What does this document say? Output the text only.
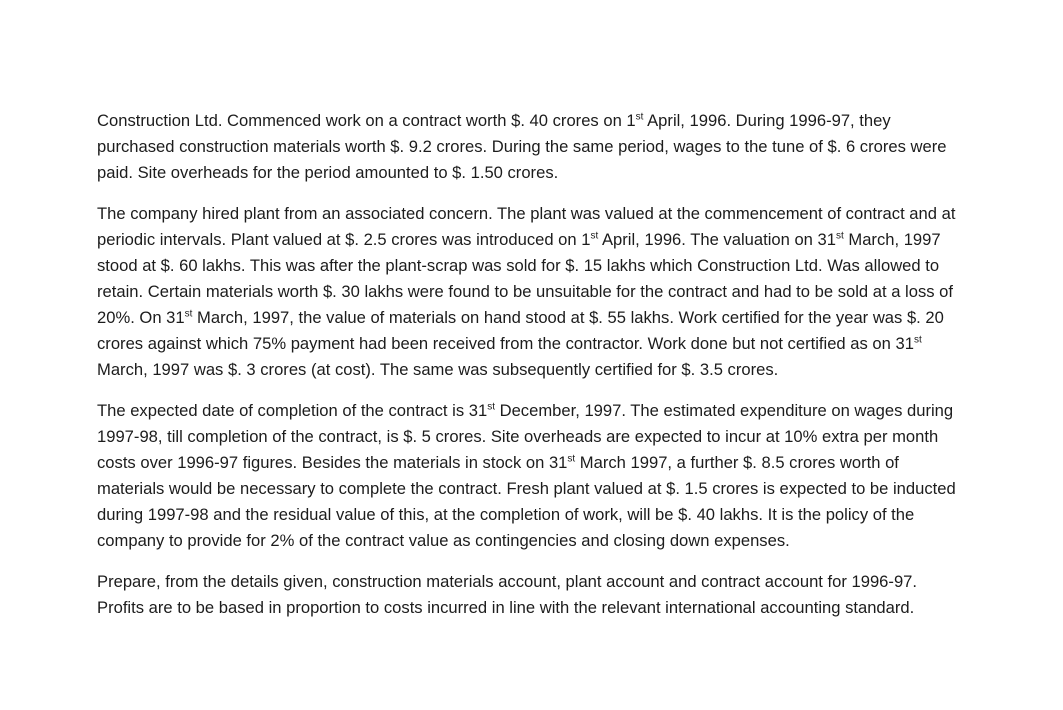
Construction Ltd. Commenced work on a contract worth $. 40 crores on 1st April, 1996. During 1996-97, they purchased construction materials worth $. 9.2 crores. During the same period, wages to the tune of $. 6 crores were paid. Site overheads for the period amounted to $. 1.50 crores.

The company hired plant from an associated concern. The plant was valued at the commencement of contract and at periodic intervals. Plant valued at $. 2.5 crores was introduced on 1st April, 1996. The valuation on 31st March, 1997 stood at $. 60 lakhs. This was after the plant-scrap was sold for $. 15 lakhs which Construction Ltd. Was allowed to retain. Certain materials worth $. 30 lakhs were found to be unsuitable for the contract and had to be sold at a loss of 20%. On 31st March, 1997, the value of materials on hand stood at $. 55 lakhs. Work certified for the year was $. 20 crores against which 75% payment had been received from the contractor. Work done but not certified as on 31st March, 1997 was $. 3 crores (at cost). The same was subsequently certified for $. 3.5 crores.

The expected date of completion of the contract is 31st December, 1997. The estimated expenditure on wages during 1997-98, till completion of the contract, is $. 5 crores. Site overheads are expected to incur at 10% extra per month costs over 1996-97 figures. Besides the materials in stock on 31st March 1997, a further $. 8.5 crores worth of materials would be necessary to complete the contract. Fresh plant valued at $. 1.5 crores is expected to be inducted during 1997-98 and the residual value of this, at the completion of work, will be $. 40 lakhs. It is the policy of the company to provide for 2% of the contract value as contingencies and closing down expenses.

Prepare, from the details given, construction materials account, plant account and contract account for 1996-97. Profits are to be based in proportion to costs incurred in line with the relevant international accounting standard.
